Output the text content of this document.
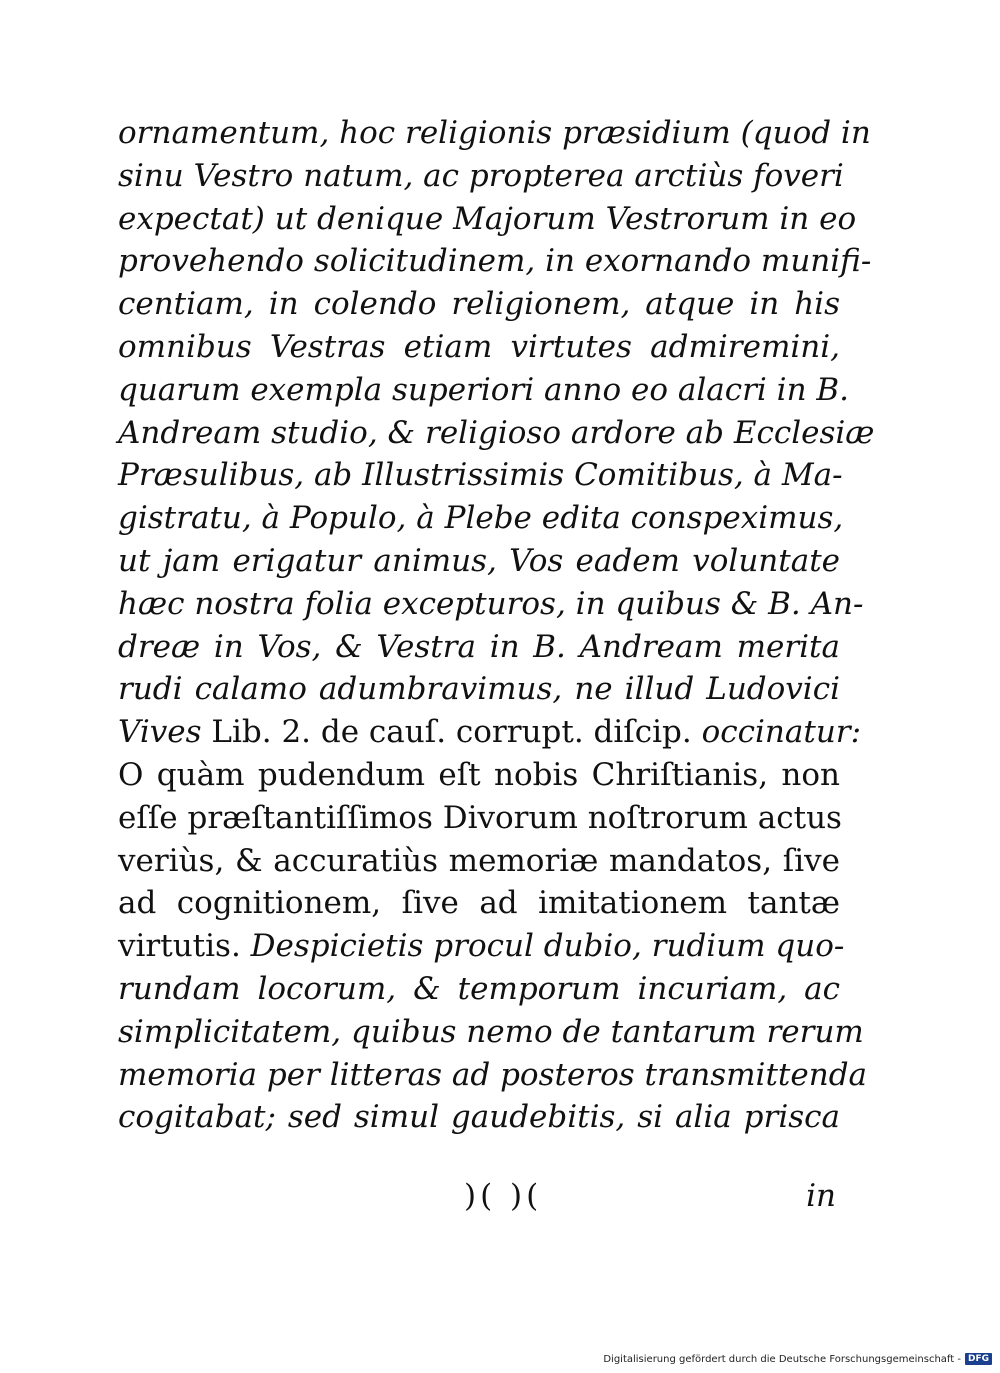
ornamentum, hoc religionis præsidium (quod in
sinu Vestro natum, ac propterea arctiùs foveri
expectat) ut denique Majorum Vestrorum in eo
provehendo solicitudinem, in exornando munifi-
centiam, in colendo religionem, atque in his
omnibus Vestras etiam virtutes admiremini,
quarum exempla superiori anno eo alacri in B.
Andream studio, & religioso ardore ab Ecclesiæ
Præsulibus, ab Illustrissimis Comitibus, à Ma-
gistratu, à Populo, à Plebe edita conspeximus,
ut jam erigatur animus, Vos eadem voluntate
hæc nostra folia excepturos, in quibus & B. An-
dreæ in Vos, & Vestra in B. Andream merita
rudi calamo adumbravimus, ne illud Ludovici
Vives Lib. 2. de cauſ. corrupt. diſcip. occinatur:
O quàm pudendum eſt nobis Chriſtianis, non
eſſe præſtantiſſimos Divorum noſtrorum actus
veriùs, & accuratiùs memoriæ mandatos, ſive
ad cognitionem, ſive ad imitationem tantæ
virtutis. Despicietis procul dubio, rudium quo-
rundam locorum, & temporum incuriam, ac
simplicitatem, quibus nemo de tantarum rerum
memoria per litteras ad posteros transmittenda
cogitabat; sed simul gaudebitis, si alia prisca
)( )(	in
Digitalisierung gefördert durch die Deutsche Forschungsgemeinschaft - DFG
